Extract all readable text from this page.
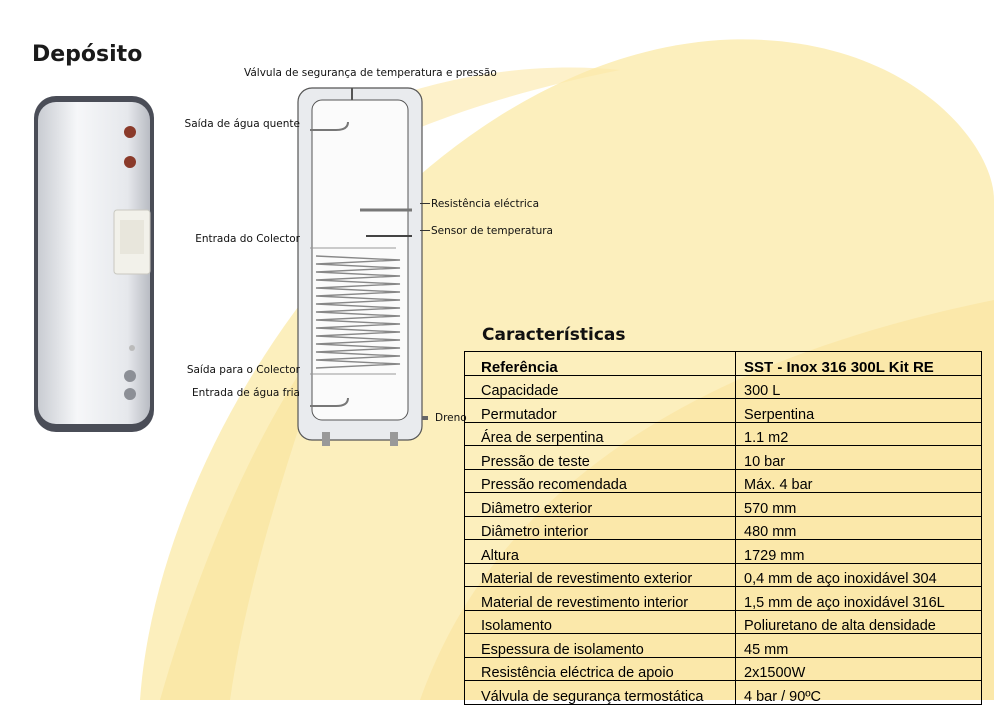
Depósito
Válvula de segurança de temperatura e pressão
Saída de água quente
Entrada do Colector
Saída para o Colector
Entrada de água fria
Resistência eléctrica
Sensor de temperatura
Dreno
Características
Referência	SST - Inox 316 300L Kit RE
Capacidade	300 L
Permutador	Serpentina
Área de serpentina	1.1 m2
Pressão de teste	10 bar
Pressão recomendada	Máx. 4 bar
Diâmetro exterior	570 mm
Diâmetro interior	480 mm
Altura	1729 mm
Material de revestimento exterior	0,4 mm de aço inoxidável 304
Material de revestimento interior	1,5 mm de aço inoxidável 316L
Isolamento	Poliuretano de alta densidade
Espessura de isolamento	45 mm
Resistência eléctrica de apoio	2x1500W
Válvula de segurança termostática	4 bar / 90ºC
